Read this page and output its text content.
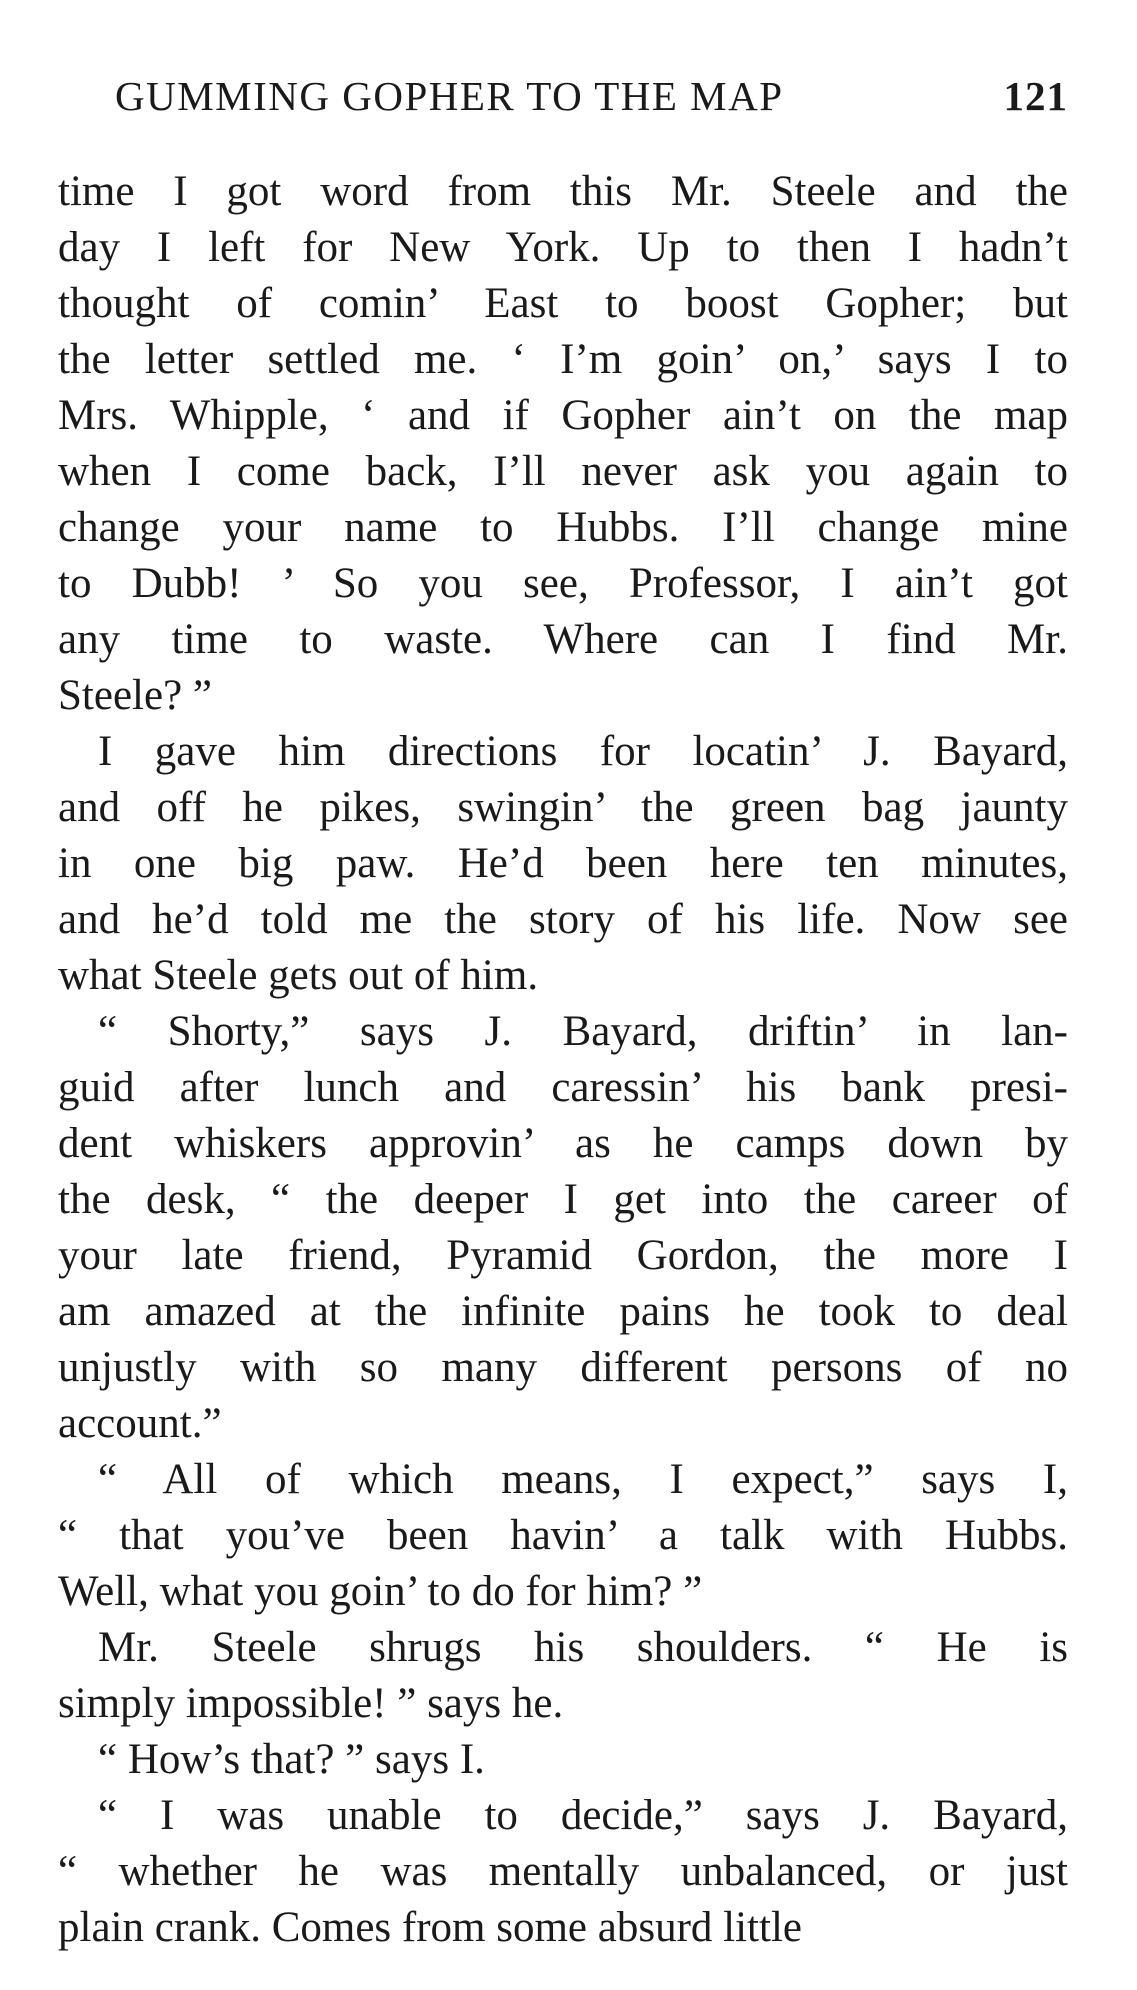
GUMMING GOPHER TO THE MAP	121
time I got word from this Mr. Steele and the
day I left for New York. Up to then I hadn’t
thought of comin’ East to boost Gopher; but
the letter settled me. ‘ I’m goin’ on,’ says I to
Mrs. Whipple, ‘ and if Gopher ain’t on the map
when I come back, I’ll never ask you again to
change your name to Hubbs. I’ll change mine
to Dubb! ’ So you see, Professor, I ain’t got
any time to waste. Where can I find Mr.
Steele? ”
I gave him directions for locatin’ J. Bayard,
and off he pikes, swingin’ the green bag jaunty
in one big paw. He’d been here ten minutes,
and he’d told me the story of his life. Now see
what Steele gets out of him.
“ Shorty,” says J. Bayard, driftin’ in lan-
guid after lunch and caressin’ his bank presi-
dent whiskers approvin’ as he camps down by
the desk, “ the deeper I get into the career of
your late friend, Pyramid Gordon, the more I
am amazed at the infinite pains he took to deal
unjustly with so many different persons of no
account.”
“ All of which means, I expect,” says I,
“ that you’ve been havin’ a talk with Hubbs.
Well, what you goin’ to do for him? ”
Mr. Steele shrugs his shoulders. “ He is
simply impossible! ” says he.
“ How’s that? ” says I.
“ I was unable to decide,” says J. Bayard,
“ whether he was mentally unbalanced, or just
plain crank. Comes from some absurd little
